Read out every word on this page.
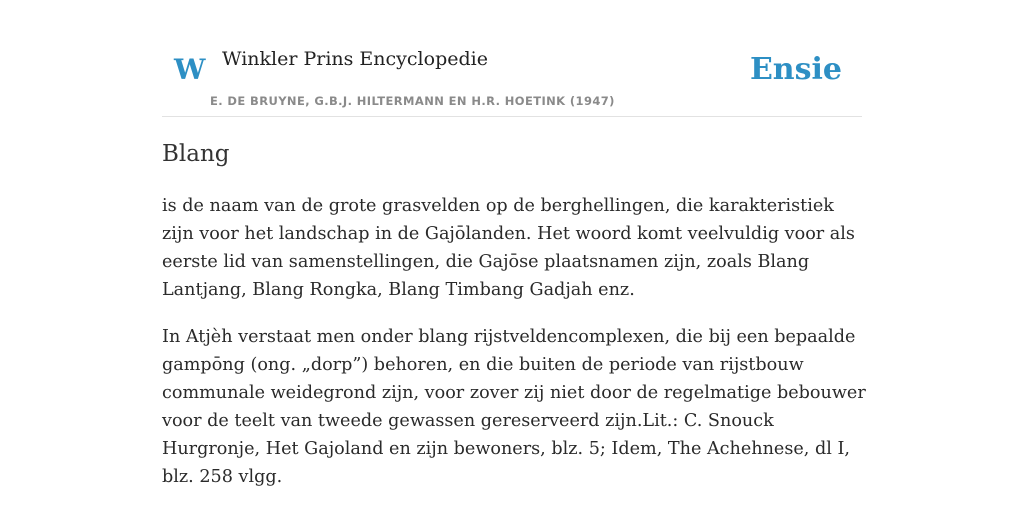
W Winkler Prins Encyclopedie
E. DE BRUYNE, G.B.J. HILTERMANN EN H.R. HOETINK (1947)
Ensie
Blang

is de naam van de grote grasvelden op de berghellingen, die karakteristiek zijn voor het landschap in de Gajōlanden. Het woord komt veelvuldig voor als eerste lid van samenstellingen, die Gajōse plaatsnamen zijn, zoals Blang Lantjang, Blang Rongka, Blang Timbang Gadjah enz.

In Atjèh verstaat men onder blang rijstveldencomplexen, die bij een bepaalde gampōng (ong. „dorp”) behoren, en die buiten de periode van rijstbouw communale weidegrond zijn, voor zover zij niet door de regelmatige bebouwer voor de teelt van tweede gewassen gereserveerd zijn.Lit.: C. Snouck Hurgronje, Het Gajoland en zijn bewoners, blz. 5; Idem, The Achehnese, dl I, blz. 258 vlgg.
